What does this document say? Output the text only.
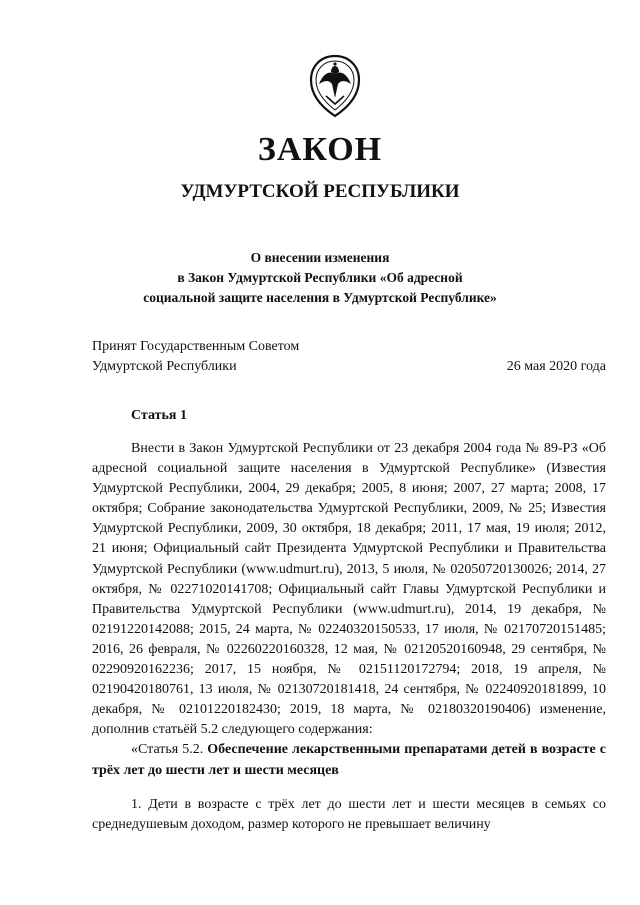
ЗАКОН
УДМУРТСКОЙ РЕСПУБЛИКИ
О внесении изменения
в Закон Удмуртской Республики «Об адресной
социальной защите населения в Удмуртской Республике»
Принят Государственным Советом
Удмуртской Республики	26 мая 2020 года
Статья 1

Внести в Закон Удмуртской Республики от 23 декабря 2004 года № 89-РЗ «Об адресной социальной защите населения в Удмуртской Республике» (Известия Удмуртской Республики, 2004, 29 декабря; 2005, 8 июня; 2007, 27 марта; 2008, 17 октября; Собрание законодательства Удмуртской Республики, 2009, № 25; Известия Удмуртской Республики, 2009, 30 октября, 18 декабря; 2011, 17 мая, 19 июля; 2012, 21 июня; Официальный сайт Президента Удмуртской Республики и Правительства Удмуртской Республики (www.udmurt.ru), 2013, 5 июля, № 02050720130026; 2014, 27 октября, № 02271020141708; Официальный сайт Главы Удмуртской Республики и Правительства Удмуртской Республики (www.udmurt.ru), 2014, 19 декабря, № 02191220142088; 2015, 24 марта, № 02240320150533, 17 июля, № 02170720151485; 2016, 26 февраля, № 02260220160328, 12 мая, № 02120520160948, 29 сентября, № 02290920162236; 2017, 15 ноября, № 02151120172794; 2018, 19 апреля, № 02190420180761, 13 июля, № 02130720181418, 24 сентября, № 02240920181899, 10 декабря, № 02101220182430; 2019, 18 марта, № 02180320190406) изменение, дополнив статьёй 5.2 следующего содержания:

«Статья 5.2. Обеспечение лекарственными препаратами детей в возрасте с трёх лет до шести лет и шести месяцев

1. Дети в возрасте с трёх лет до шести лет и шести месяцев в семьях со среднедушевым доходом, размер которого не превышает величину
